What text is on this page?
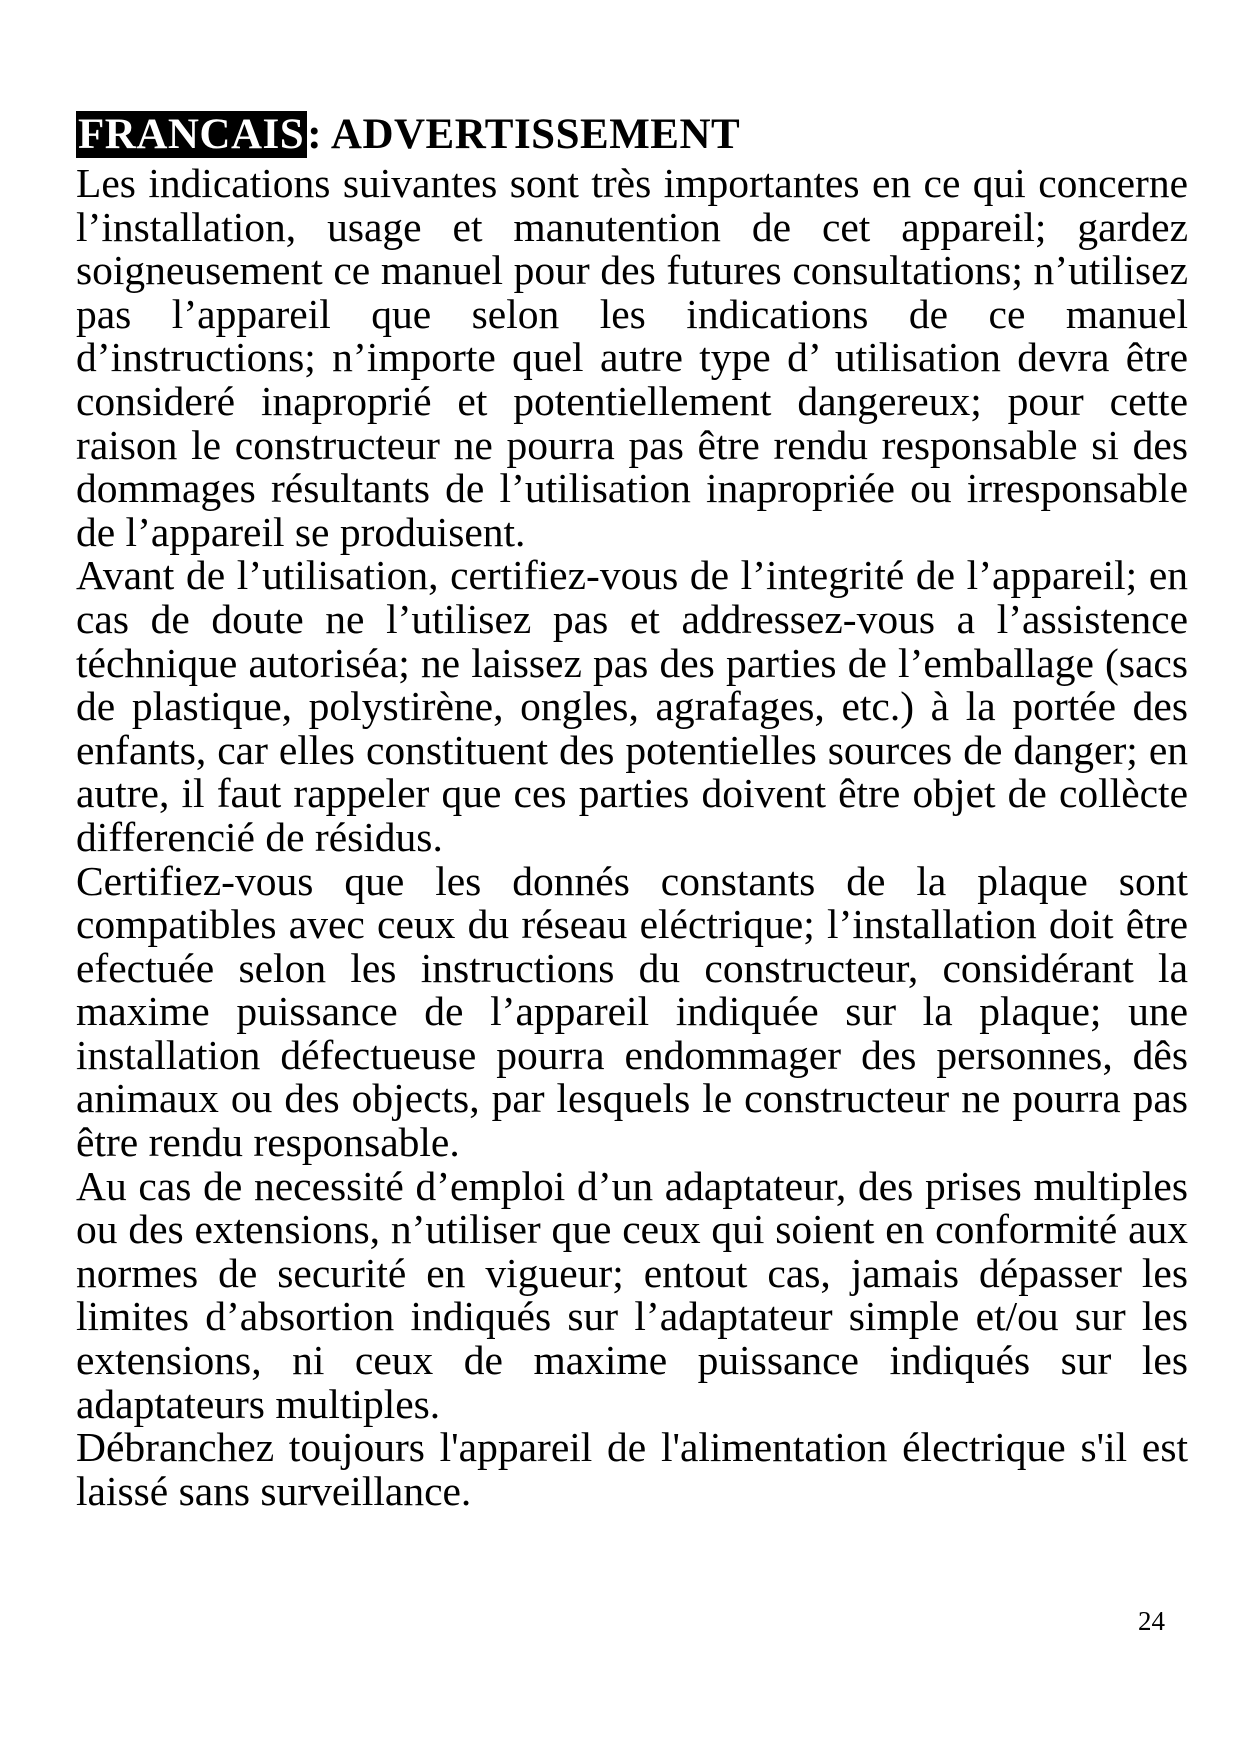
FRANCAIS: ADVERTISSEMENT

Les indications suivantes sont très importantes en ce qui concerne l’installation, usage et manutention de cet appareil; gardez soigneusement ce manuel pour des futures consultations; n’utilisez pas l’appareil que selon les indications de ce manuel d’instructions; n’importe quel autre type d’ utilisation devra être consideré inaproprié et potentiellement dangereux; pour cette raison le constructeur ne pourra pas être rendu responsable si des dommages résultants de l’utilisation inapropriée ou irresponsable de l’appareil se produisent.

Avant de l’utilisation, certifiez-vous de l’integrité de l’appareil; en cas de doute ne l’utilisez pas et addressez-vous a l’assistence téchnique autoriséa; ne laissez pas des parties de l’emballage (sacs de plastique, polystirène, ongles, agrafages, etc.) à la portée des enfants, car elles constituent des potentielles sources de danger; en autre, il faut rappeler que ces parties doivent être objet de collècte differencié de résidus.

Certifiez-vous que les donnés constants de la plaque sont compatibles avec ceux du réseau eléctrique; l’installation doit être efectuée selon les instructions du constructeur, considérant la maxime puissance de l’appareil indiquée sur la plaque; une installation défectueuse pourra endommager des personnes, dês animaux ou des objects, par lesquels le constructeur ne pourra pas être rendu responsable.

Au cas de necessité d’emploi d’un adaptateur, des prises multiples ou des extensions, n’utiliser que ceux qui soient en conformité aux normes de securité en vigueur; entout cas, jamais dépasser les limites d’absortion indiqués sur l’adaptateur simple et/ou sur les extensions, ni ceux de maxime puissance indiqués sur les adaptateurs multiples.

Débranchez toujours l'appareil de l'alimentation électrique s'il est laissé sans surveillance.

24
